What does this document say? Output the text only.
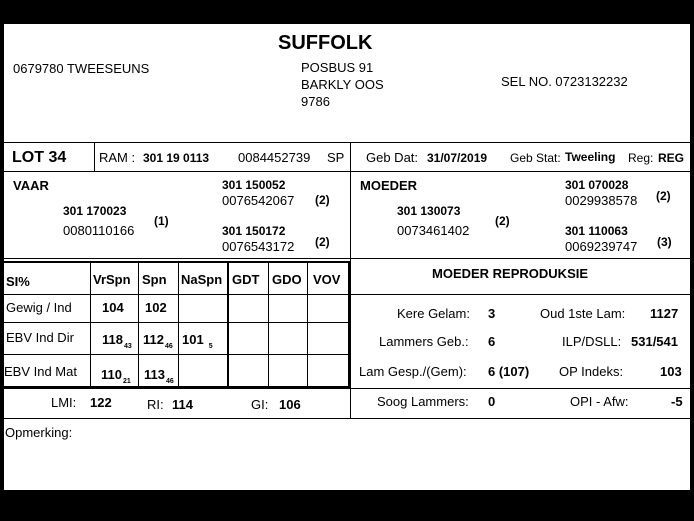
SUFFOLK
0679780 TWEESEUNS	POSBUS 91
BARKLY OOS
9786
SEL NO. 0723132232
LOT 34	RAM : 301 19 0113 0084452739 SP Geb Dat: 31/07/2019 Geb Stat: Tweeling Reg: REG
VAAR
301 170023
0080110166
(1)
301 150052
0076542067 (2)
301 150172
0076543172 (2)
MOEDER
301 130073
0073461402
(2)
301 070028
0029938578 (2)
301 110063
0069239747 (3)
SI%	VrSpn Spn NaSpn GDT GDO VOV
Gewig / Ind 104 102
EBV Ind Dir $118_{43}$ $112_{46}$ 101 $_5$
EBV Ind Mat $110_{21}$ $113_{46}$
MOEDER REPRODUKSIE
Kere Gelam: 3	Oud 1ste Lam: 1127
Lammers Geb.: 6	ILP/DSLL: 531/541
Lam Gesp./(Gem): 6 (107) OP Indeks:	103
Soog Lammers: 0	OPI - Afw:	-5
LMI: 122	RI: 114	GI: 106
Opmerking:
